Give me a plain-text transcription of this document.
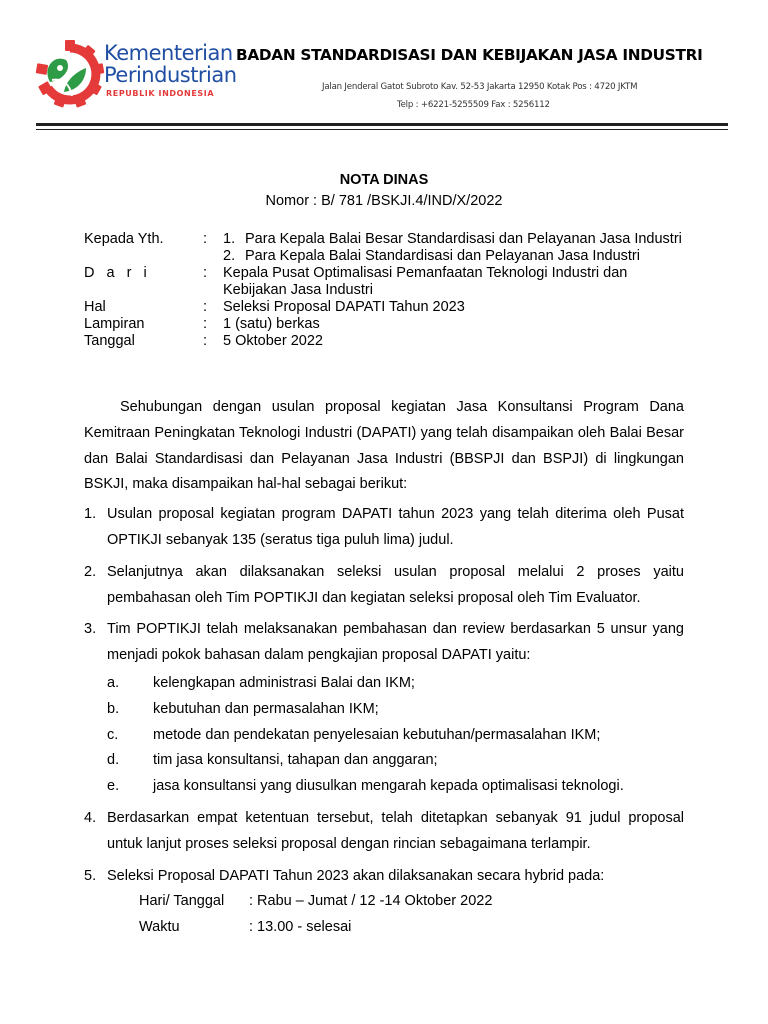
Kementerian
Perindustrian
REPUBLIK INDONESIA
BADAN STANDARDISASI DAN KEBIJAKAN JASA INDUSTRI
Jalan Jenderal Gatot Subroto Kav. 52-53 Jakarta 12950 Kotak Pos : 4720 JKTM
Telp : +6221-5255509 Fax : 5256112
NOTA DINAS
Nomor : B/ 781 /BSKJI.4/IND/X/2022
Kepada Yth.	:	1. Para Kepala Balai Besar Standardisasi dan Pelayanan Jasa Industri
2. Para Kepala Balai Standardisasi dan Pelayanan Jasa Industri
D a r i	:	Kepala Pusat Optimalisasi Pemanfaatan Teknologi Industri dan Kebijakan Jasa Industri
Hal	:	Seleksi Proposal DAPATI Tahun 2023
Lampiran	:	1 (satu) berkas
Tanggal	:	5 Oktober 2022

Sehubungan dengan usulan proposal kegiatan Jasa Konsultansi Program Dana Kemitraan Peningkatan Teknologi Industri (DAPATI) yang telah disampaikan oleh Balai Besar dan Balai Standardisasi dan Pelayanan Jasa Industri (BBSPJI dan BSPJI) di lingkungan BSKJI, maka disampaikan hal-hal sebagai berikut:

1. Usulan proposal kegiatan program DAPATI tahun 2023 yang telah diterima oleh Pusat OPTIKJI sebanyak 135 (seratus tiga puluh lima) judul.
2. Selanjutnya akan dilaksanakan seleksi usulan proposal melalui 2 proses yaitu pembahasan oleh Tim POPTIKJI dan kegiatan seleksi proposal oleh Tim Evaluator.
3. Tim POPTIKJI telah melaksanakan pembahasan dan review berdasarkan 5 unsur yang menjadi pokok bahasan dalam pengkajian proposal DAPATI yaitu:
a.	kelengkapan administrasi Balai dan IKM;
b.	kebutuhan dan permasalahan IKM;
c.	metode dan pendekatan penyelesaian kebutuhan/permasalahan IKM;
d.	tim jasa konsultansi, tahapan dan anggaran;
e.	jasa konsultansi yang diusulkan mengarah kepada optimalisasi teknologi.
4. Berdasarkan empat ketentuan tersebut, telah ditetapkan sebanyak 91 judul proposal untuk lanjut proses seleksi proposal dengan rincian sebagaimana terlampir.
5. Seleksi Proposal DAPATI Tahun 2023 akan dilaksanakan secara hybrid pada:
Hari/ Tanggal	: Rabu – Jumat / 12 -14 Oktober 2022
Waktu	: 13.00 - selesai
